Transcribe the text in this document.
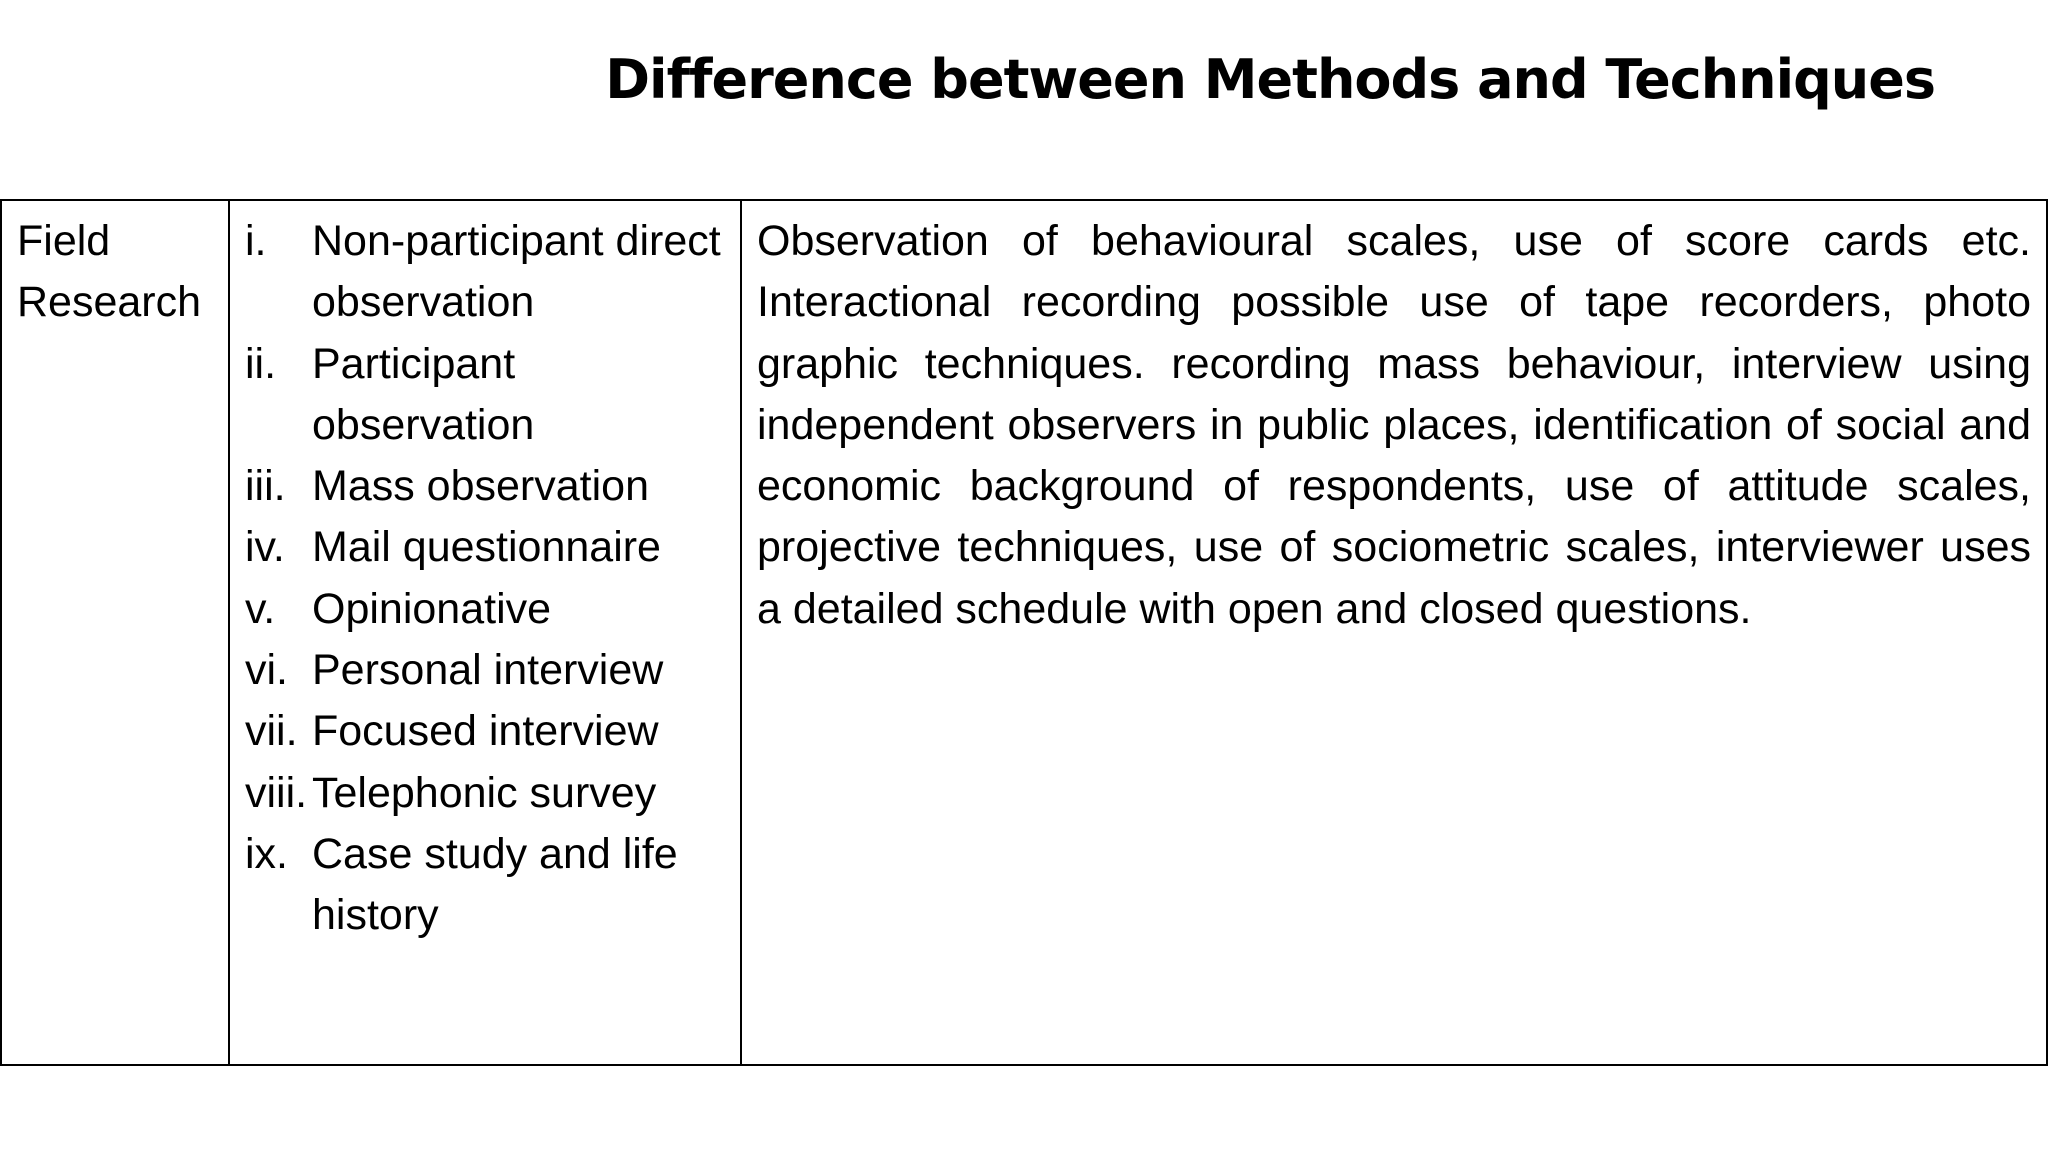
Difference between Methods and Techniques
Field Research
i.	Non-participant direct observation
ii. Participant observation
iii. Mass observation
iv. Mail questionnaire
v. Opinionative
vi. Personal interview
vii. Focused interview
viii. Telephonic survey
ix. Case study and life history
Observation of behavioural scales, use of score cards etc. Interactional recording possible use of tape recorders, photo graphic techniques. recording mass behaviour, interview using independent observers in public places, identification of social and economic background of respondents, use of attitude scales, projective techniques, use of sociometric scales, interviewer uses a detailed schedule with open and closed questions.
